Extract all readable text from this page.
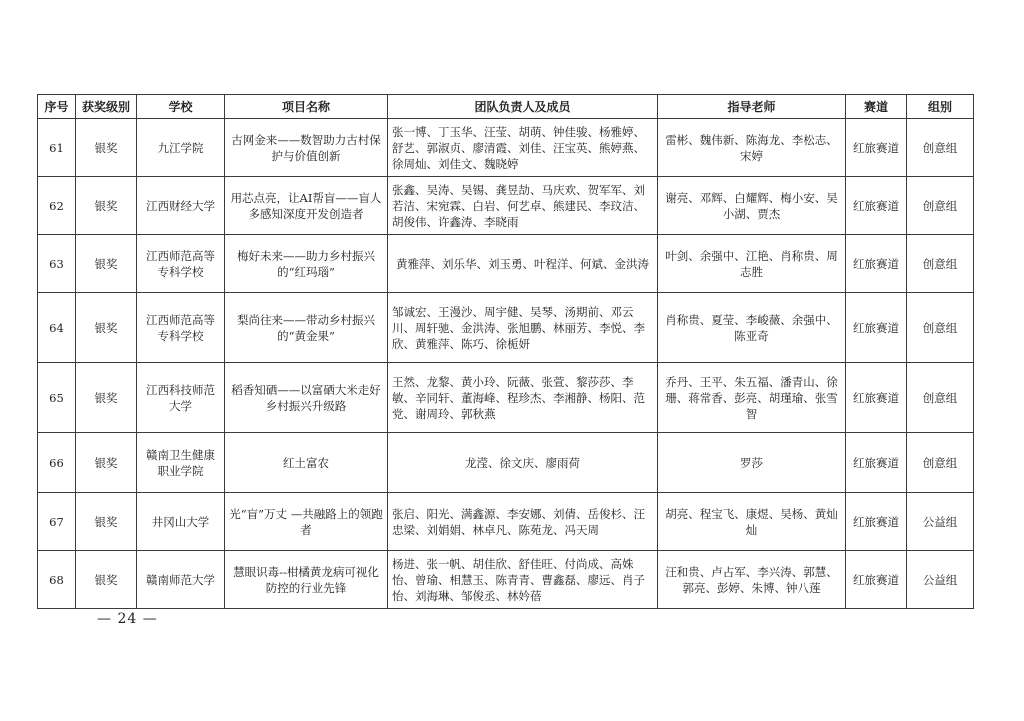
序号	获奖级别	学校	项目名称	团队负责人及成员	指导老师	赛道	组别
61	银奖	九江学院	古网金来——数智助力古村保护与价值创新	张一博、丁玉华、汪莹、胡萌、钟佳骏、杨雅婷、舒艺、郭淑贞、廖清霞、刘佳、汪宝英、熊婷燕、徐周灿、刘佳文、魏晓婷	雷彬、魏伟新、陈海龙、李松志、宋婷	红旅赛道	创意组
62	银奖	江西财经大学	用芯点亮，让AI帮盲——盲人多感知深度开发创造者	张鑫、吴涛、吴锡、龚昱劼、马庆欢、贺军军、刘若洁、宋宛霖、白岩、何艺卓、熊建民、李玟洁、胡俊伟、许鑫涛、李晓雨	谢亮、邓辉、白耀辉、梅小安、吴小湖、贾杰	红旅赛道	创意组
63	银奖	江西师范高等专科学校	梅好未来——助力乡村振兴的“红玛瑙”	黄雅萍、刘乐华、刘玉勇、叶程洋、何斌、金洪涛	叶剑、余强中、江艳、肖称贵、周志胜	红旅赛道	创意组
64	银奖	江西师范高等专科学校	梨尚往来——带动乡村振兴的“黄金果”	邹诚宏、王漫沙、周宇健、吴琴、汤期前、邓云川、周轩驰、金洪涛、张旭鹏、林丽芳、李悦、李欣、黄雅萍、陈巧、徐栀妍	肖称贵、夏莹、李峻薇、余强中、陈亚奇	红旅赛道	创意组
65	银奖	江西科技师范大学	稻香知硒——以富硒大米走好乡村振兴升级路	王然、龙黎、黄小玲、阮薇、张萱、黎莎莎、李敏、辛同轩、董海峰、程珍杰、李湘静、杨阳、范党、谢周玲、郭秋燕	乔丹、王平、朱五福、潘青山、徐珊、蒋常香、彭亮、胡瑾瑜、张雪智	红旅赛道	创意组
66	银奖	赣南卫生健康职业学院	红土富农	龙滢、徐文庆、廖雨荷	罗莎	红旅赛道	创意组
67	银奖	井冈山大学	光“盲”万丈 —共融路上的领跑者	张启、阳光、满鑫源、李安娜、刘倩、岳俊杉、汪忠梁、刘娟娟、林卓凡、陈苑龙、冯天周	胡亮、程宝飞、康煜、吴杨、黄灿灿	红旅赛道	公益组
68	银奖	赣南师范大学	慧眼识毒--柑橘黄龙病可视化防控的行业先锋	杨进、张一帆、胡佳欣、舒佳旺、付尚成、高姝怡、曾瑜、相慧玉、陈青青、曹鑫磊、廖远、肖子怡、刘海琳、邹俊丞、林妗蓓	汪和贵、卢占军、李兴涛、郭慧、郭亮、彭婷、朱博、钟八莲	红旅赛道	公益组
— 24 —
